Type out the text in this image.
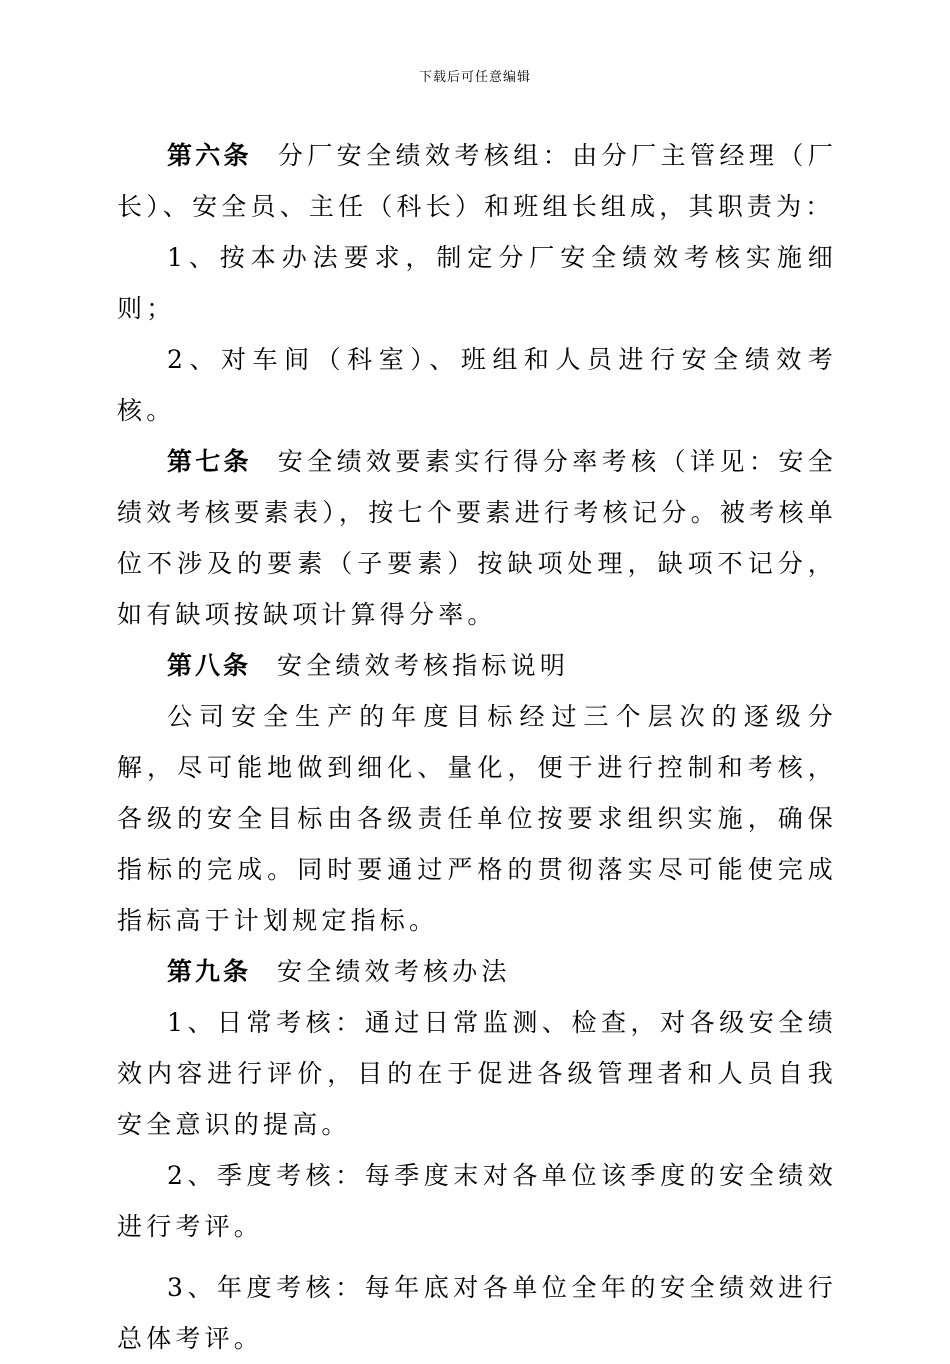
下载后可任意编辑

第六条 分厂安全绩效考核组：由分厂主管经理（厂长）、安全员、主任（科长）和班组长组成，其职责为：

1、按本办法要求，制定分厂安全绩效考核实施细则；

2、对车间（科室）、班组和人员进行安全绩效考核。

第七条 安全绩效要素实行得分率考核（详见：安全绩效考核要素表），按七个要素进行考核记分。被考核单位不涉及的要素（子要素）按缺项处理，缺项不记分，如有缺项按缺项计算得分率。

第八条 安全绩效考核指标说明

公司安全生产的年度目标经过三个层次的逐级分解，尽可能地做到细化、量化，便于进行控制和考核，各级的安全目标由各级责任单位按要求组织实施，确保指标的完成。同时要通过严格的贯彻落实尽可能使完成指标高于计划规定指标。

第九条 安全绩效考核办法

1、日常考核：通过日常监测、检查，对各级安全绩效内容进行评价，目的在于促进各级管理者和人员自我安全意识的提高。

2、季度考核：每季度末对各单位该季度的安全绩效进行考评。

3、年度考核：每年底对各单位全年的安全绩效进行总体考评。
